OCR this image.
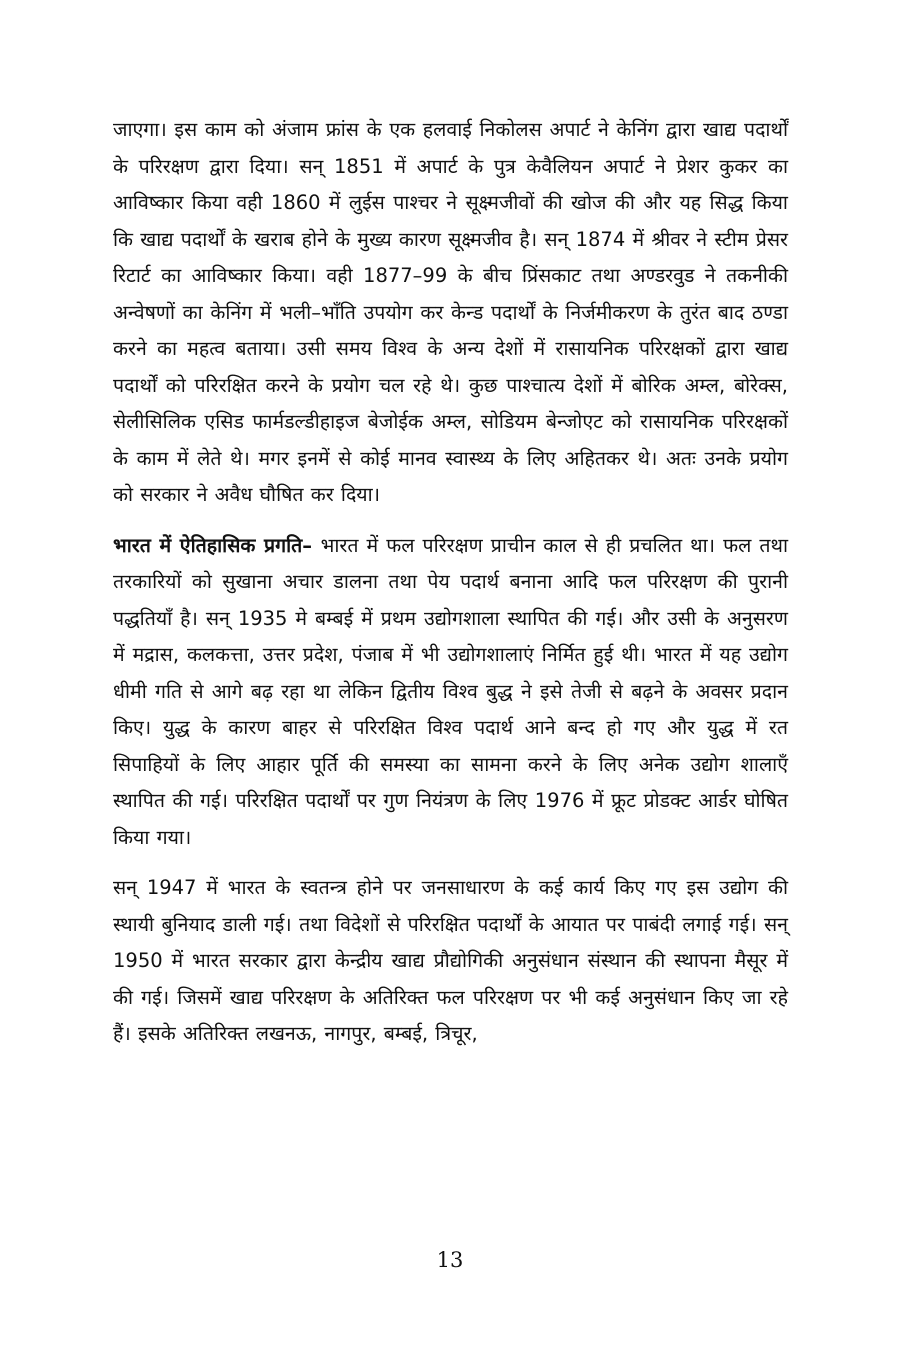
जाएगा। इस काम को अंजाम फ्रांस के एक हलवाई निकोलस अपार्ट ने केनिंग द्वारा खाद्य पदार्थों के परिरक्षण द्वारा दिया। सन् 1851 में अपार्ट के पुत्र केवैलियन अपार्ट ने प्रेशर कुकर का आविष्कार किया वही 1860 में लुईस पाश्चर ने सूक्ष्मजीवों की खोज की और यह सिद्ध किया कि खाद्य पदार्थों के खराब होने के मुख्य कारण सूक्ष्मजीव है। सन् 1874 में श्रीवर ने स्टीम प्रेसर रिटार्ट का आविष्कार किया। वही 1877–99 के बीच प्रिंसकाट तथा अण्डरवुड ने तकनीकी अन्वेषणों का केनिंग में भली–भाँति उपयोग कर केन्ड पदार्थों के निर्जमीकरण के तुरंत बाद ठण्डा करने का महत्व बताया। उसी समय विश्व के अन्य देशों में रासायनिक परिरक्षकों द्वारा खाद्य पदार्थों को परिरक्षित करने के प्रयोग चल रहे थे। कुछ पाश्चात्य देशों में बोरिक अम्ल, बोरेक्स, सेलीसिलिक एसिड फार्मडल्डीहाइज बेजोईक अम्ल, सोडियम बेन्जोएट को रासायनिक परिरक्षकों के काम में लेते थे। मगर इनमें से कोई मानव स्वास्थ्य के लिए अहितकर थे। अतः उनके प्रयोग को सरकार ने अवैध घौषित कर दिया।

भारत में ऐतिहासिक प्रगति– भारत में फल परिरक्षण प्राचीन काल से ही प्रचलित था। फल तथा तरकारियों को सुखाना अचार डालना तथा पेय पदार्थ बनाना आदि फल परिरक्षण की पुरानी पद्धतियाँ है। सन् 1935 मे बम्बई में प्रथम उद्योगशाला स्थापित की गई। और उसी के अनुसरण में मद्रास, कलकत्ता, उत्तर प्रदेश, पंजाब में भी उद्योगशालाएं निर्मित हुई थी। भारत में यह उद्योग धीमी गति से आगे बढ़ रहा था लेकिन द्वितीय विश्व बुद्ध ने इसे तेजी से बढ़ने के अवसर प्रदान किए। युद्ध के कारण बाहर से परिरक्षित विश्व पदार्थ आने बन्द हो गए और युद्ध में रत सिपाहियों के लिए आहार पूर्ति की समस्या का सामना करने के लिए अनेक उद्योग शालाएँ स्थापित की गई। परिरक्षित पदार्थों पर गुण नियंत्रण के लिए 1976 में फ्रूट प्रोडक्ट आर्डर घोषित किया गया।

सन् 1947 में भारत के स्वतन्त्र होने पर जनसाधारण के कई कार्य किए गए इस उद्योग की स्थायी बुनियाद डाली गई। तथा विदेशों से परिरक्षित पदार्थों के आयात पर पाबंदी लगाई गई। सन् 1950 में भारत सरकार द्वारा केन्द्रीय खाद्य प्रौद्योगिकी अनुसंधान संस्थान की स्थापना मैसूर में की गई। जिसमें खाद्य परिरक्षण के अतिरिक्त फल परिरक्षण पर भी कई अनुसंधान किए जा रहे हैं। इसके अतिरिक्त लखनऊ, नागपुर, बम्बई, त्रिचूर,

13
